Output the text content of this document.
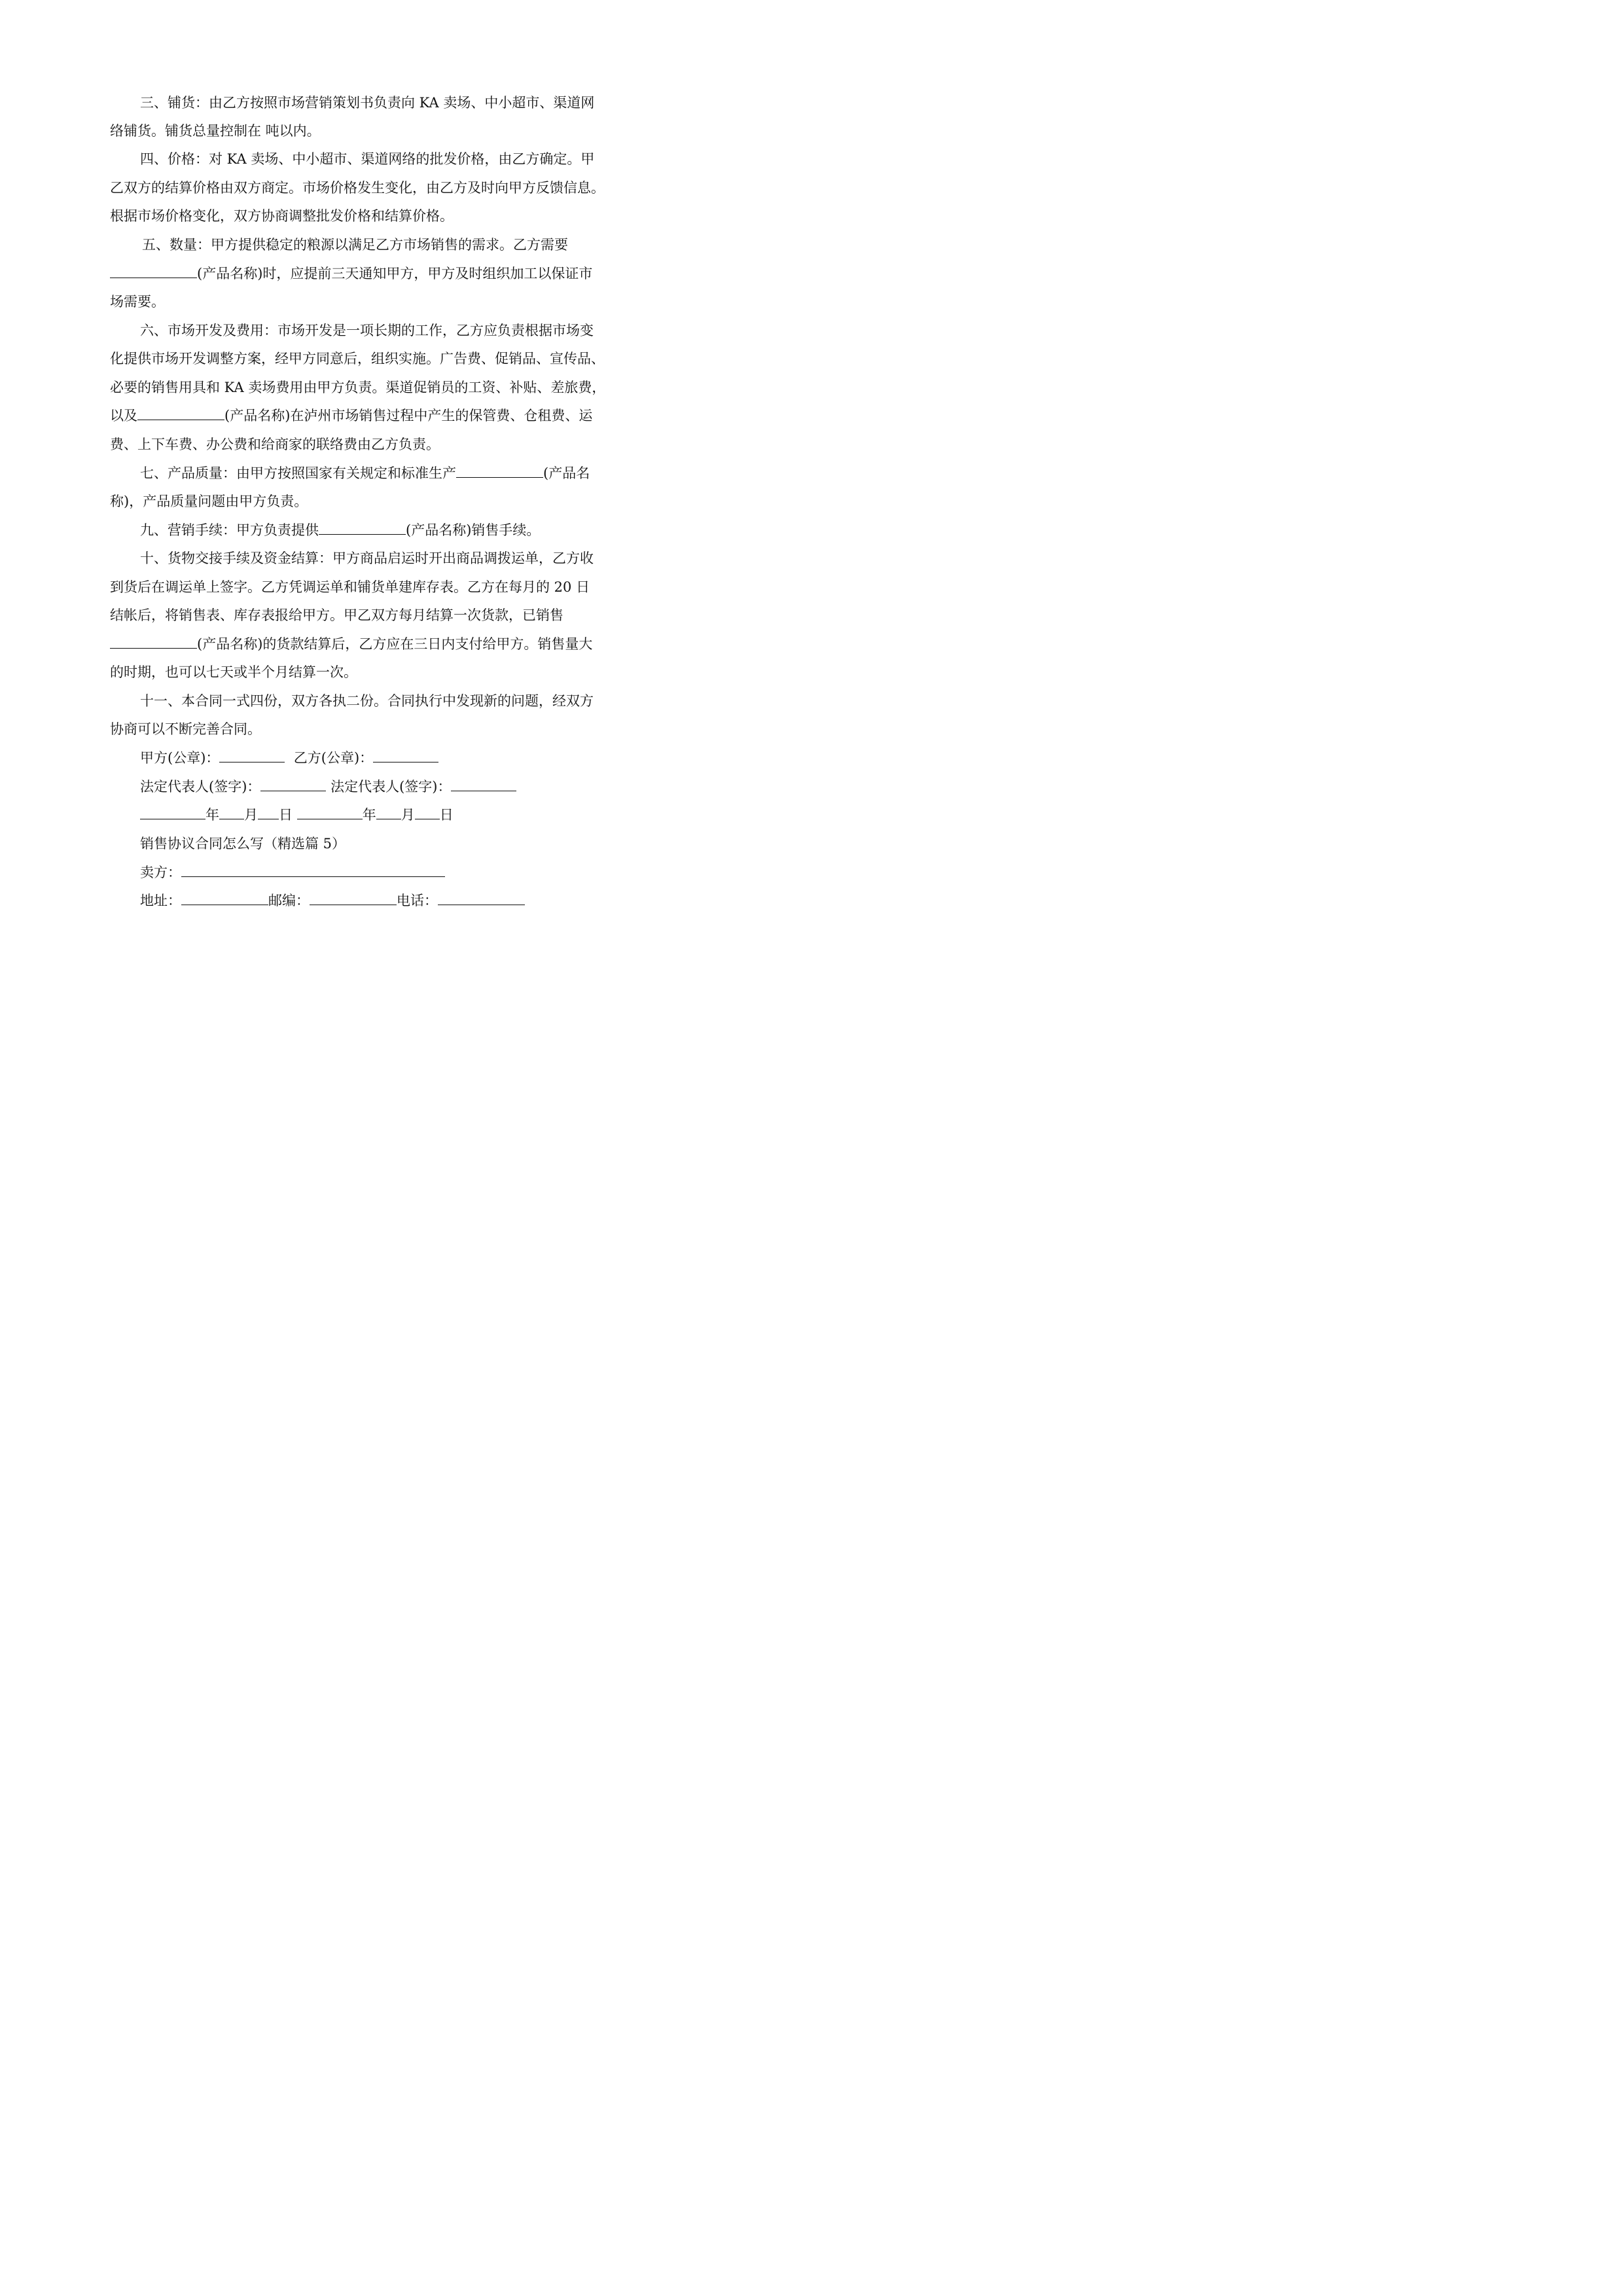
三、铺货：由乙方按照市场营销策划书负责向 KA 卖场、中小超市、渠道网
络铺货。铺货总量控制在 吨以内。
四、价格：对 KA 卖场、中小超市、渠道网络的批发价格，由乙方确定。甲
乙双方的结算价格由双方商定。市场价格发生变化，由乙方及时向甲方反馈信息。
根据市场价格变化，双方协商调整批发价格和结算价格。
五、数量：甲方提供稳定的粮源以满足乙方市场销售的需求。乙方需要
(产品名称)时，应提前三天通知甲方，甲方及时组织加工以保证市
场需要。
六、市场开发及费用：市场开发是一项长期的工作，乙方应负责根据市场变
化提供市场开发调整方案，经甲方同意后，组织实施。广告费、促销品、宣传品、
必要的销售用具和 KA 卖场费用由甲方负责。渠道促销员的工资、补贴、差旅费，
以及	(产品名称)在泸州市场销售过程中产生的保管费、仓租费、运
费、上下车费、办公费和给商家的联络费由乙方负责。
七、产品质量：由甲方按照国家有关规定和标准生产	(产品名
称)，产品质量问题由甲方负责。
九、营销手续：甲方负责提供	(产品名称)销售手续。
十、货物交接手续及资金结算：甲方商品启运时开出商品调拨运单，乙方收
到货后在调运单上签字。乙方凭调运单和铺货单建库存表。乙方在每月的 20 日
结帐后，将销售表、库存表报给甲方。甲乙双方每月结算一次货款，已销售
(产品名称)的货款结算后，乙方应在三日内支付给甲方。销售量大
的时期，也可以七天或半个月结算一次。
十一、本合同一式四份，双方各执二份。合同执行中发现新的问题，经双方
协商可以不断完善合同。
甲方(公章)：	乙方(公章)：
法定代表人(签字)：	法定代表人(签字)：
年 月 日	年 月 日
销售协议合同怎么写（精选篇 5）
卖方：
地址：	邮编：	电话：
